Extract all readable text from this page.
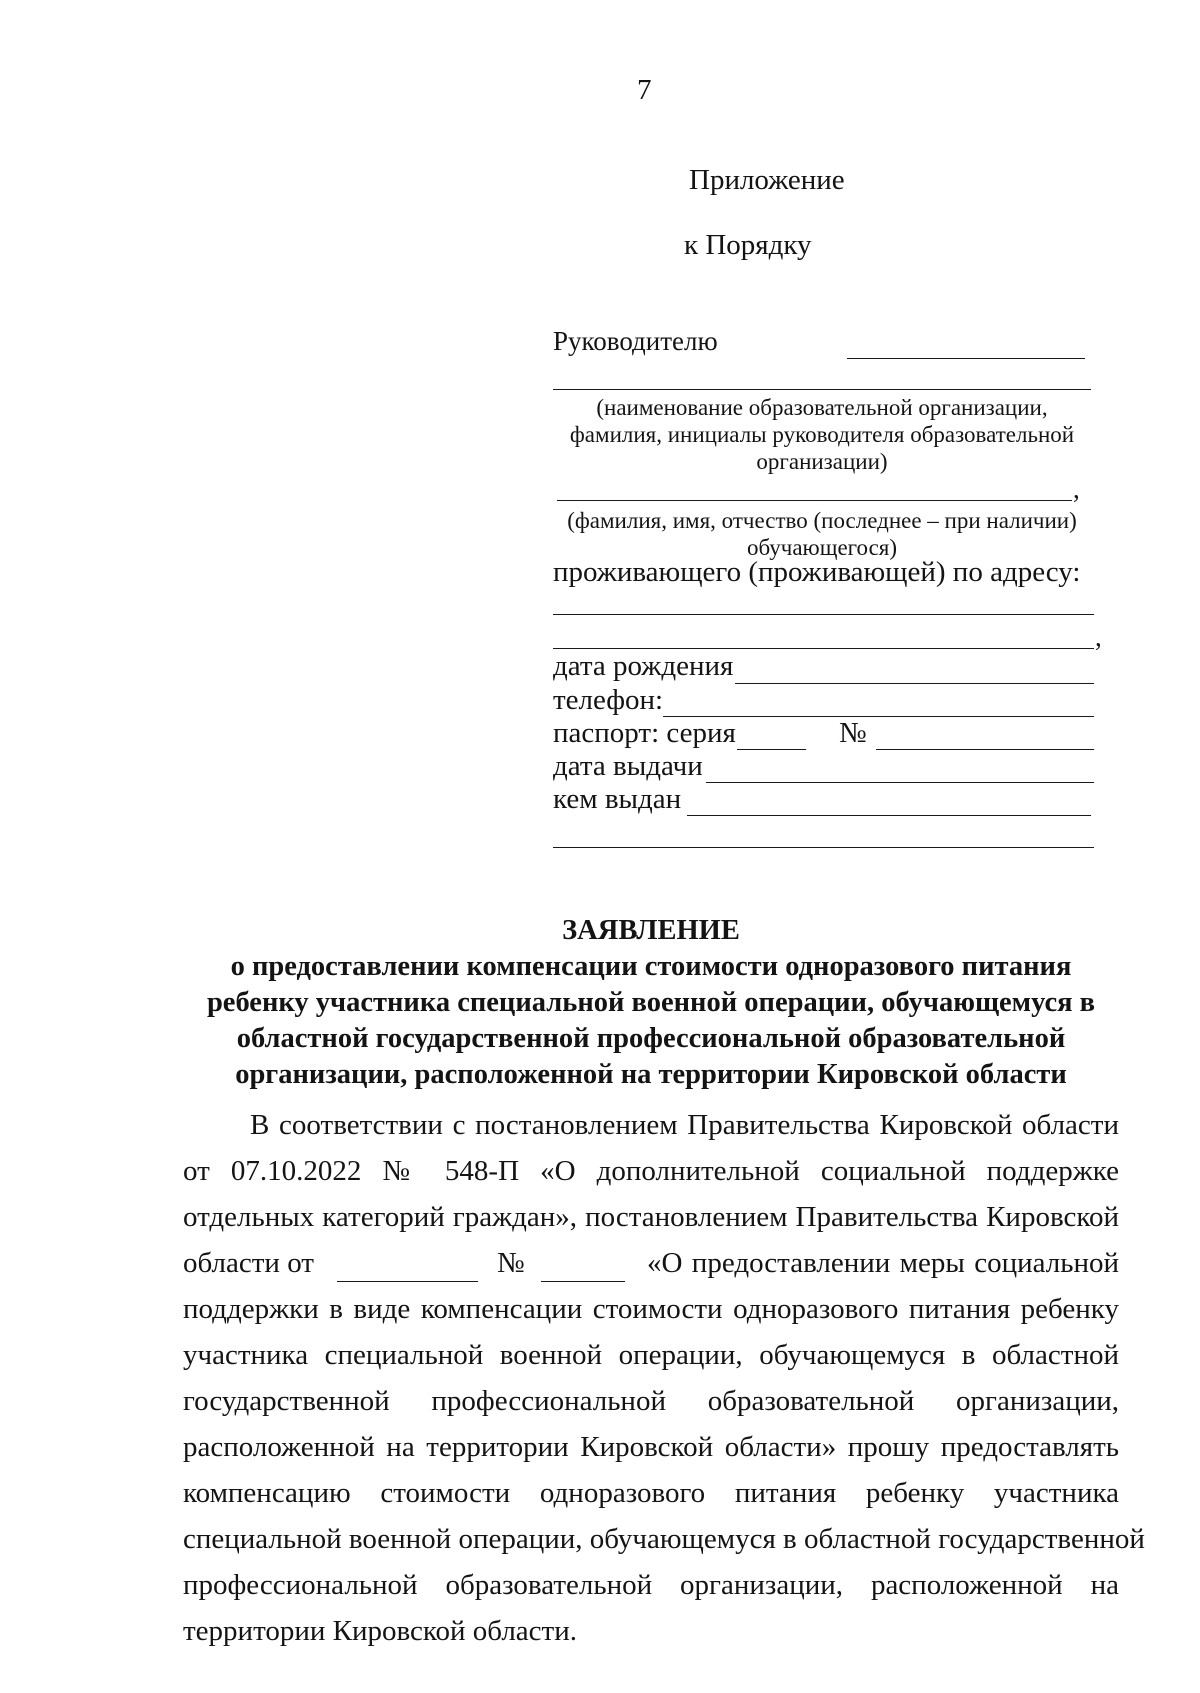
7
Приложение
к Порядку
Руководителю
(наименование образовательной организации,
фамилия, инициалы руководителя образовательной
организации)
,
(фамилия, имя, отчество (последнее – при наличии)
обучающегося)
проживающего (проживающей) по адресу:
,
дата рождения
телефон:
паспорт: серия	№
дата выдачи
кем выдан
ЗАЯВЛЕНИЕ
о предоставлении компенсации стоимости одноразового питания
ребенку участника специальной военной операции, обучающемуся в
областной государственной профессиональной образовательной
организации, расположенной на территории Кировской области
В соответствии с постановлением Правительства Кировской области
от 07.10.2022 № 548-П «О дополнительной социальной поддержке
отдельных категорий граждан», постановлением Правительства Кировской
области от	№	«О предоставлении меры социальной
поддержки в виде компенсации стоимости одноразового питания ребенку
участника специальной военной операции, обучающемуся в областной
государственной профессиональной образовательной организации,
расположенной на территории Кировской области» прошу предоставлять
компенсацию стоимости одноразового питания ребенку участника
специальной военной операции, обучающемуся в областной государственной
профессиональной образовательной организации, расположенной на
территории Кировской области.
